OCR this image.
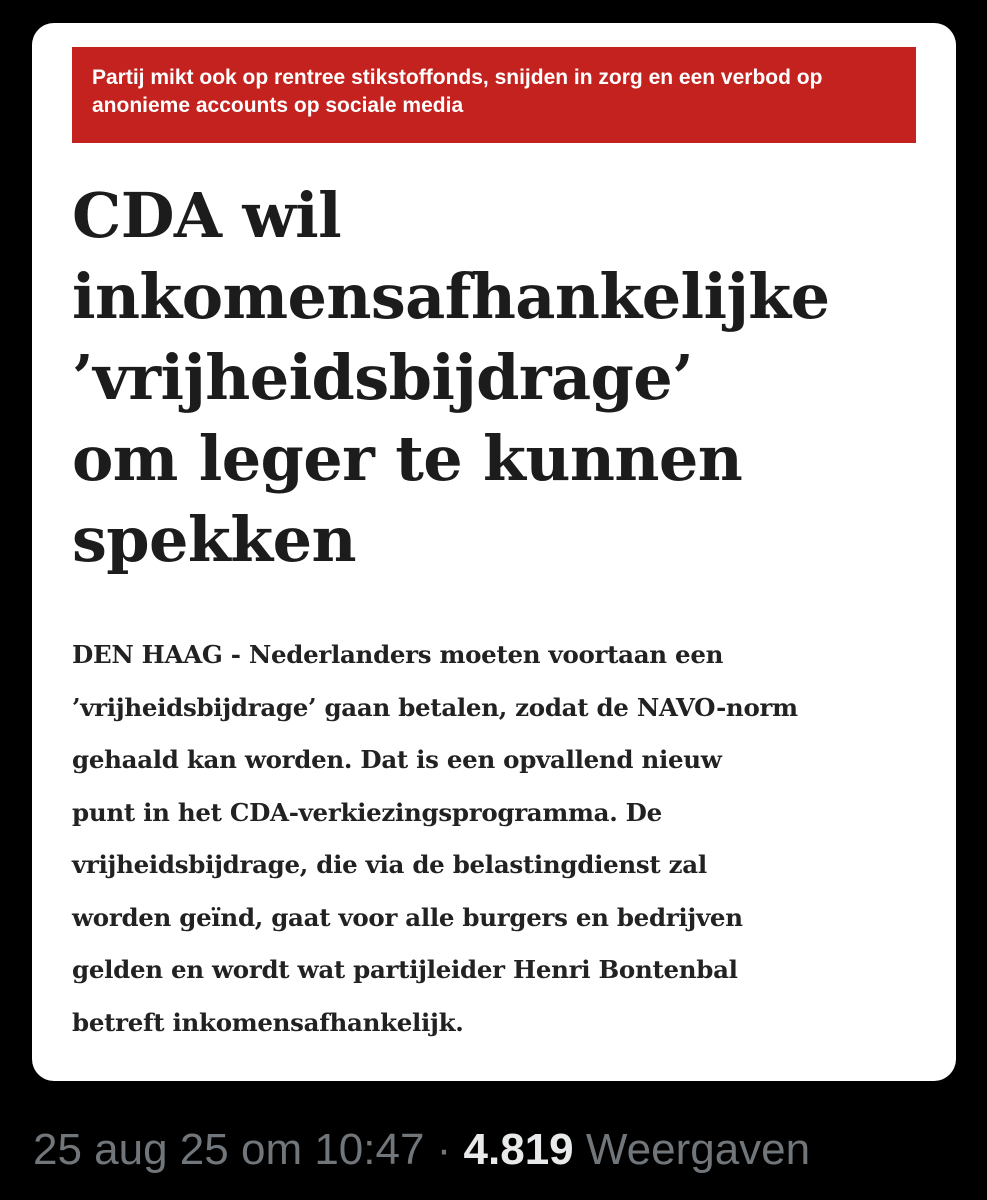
Partij mikt ook op rentree stikstoffonds, snijden in zorg en een verbod op anonieme accounts op sociale media

CDA wil
inkomensafhankelijke
’vrijheidsbijdrage’
om leger te kunnen
spekken

DEN HAAG - Nederlanders moeten voortaan een
’vrijheidsbijdrage’ gaan betalen, zodat de NAVO-norm
gehaald kan worden. Dat is een opvallend nieuw
punt in het CDA-verkiezingsprogramma. De
vrijheidsbijdrage, die via de belastingdienst zal
worden geïnd, gaat voor alle burgers en bedrijven
gelden en wordt wat partijleider Henri Bontenbal
betreft inkomensafhankelijk.

25 aug 25 om 10:47 · 4.819 Weergaven
